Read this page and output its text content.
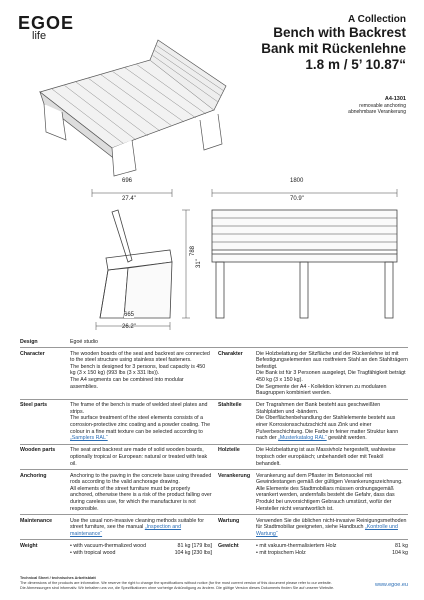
EGOE
life
A Collection
Bench with Backrest
Bank mit Rückenlehne
1.8 m / 5’ 10.87“
A4-1301
removable anchoring
abnehmbare Verankerung
696
27.4"
1800
70.9"
788
31"
665
26.2"
Design	Egoé studio
Character	The wooden boards of the seat and backrest are connected to the steel structure using stainless steel fasteners.
The bench is designed for 3 persons, load capacity is 450 kg (3 x 150 kg) (993 lbs (3 x 331 lbs)).
The A4 segments can be combined into modular assemblies.
Charakter	Die Holzbelattung der Sitzfläche und der Rückenlehne ist mit Befestigungselementen aus rostfreiem Stahl an den Stahlträgern befestigt.
Die Bank ist für 3 Personen ausgelegt, Die Tragfähigkeit beträgt 450 kg (3 x 150 kg).
Die Segmente der A4 - Kollektion können zu modularen Baugruppen kombiniert werden.
Steel parts	The frame of the bench is made of welded steel plates and strips.
The surface treatment of the steel elements consists of a corrosion-protective zinc coating and a powder coating. The colour in a fine matt texture can be selected according to „Samplers RAL“
Stahlteile	Der Tragrahmen der Bank besteht aus geschweißten Stahlplatten und -bändern.
Die Oberflächenbehandlung der Stahlelemente besteht aus einer Korrosionsschutzschicht aus Zink und einer Pulverbeschichtung. Die Farbe in feiner matter Struktur kann nach der „Musterkatalog RAL“ gewählt werden.
Wooden parts	The seat and backrest are made of solid wooden boards, optionally tropical or European: natural or treated with teak oil.
Holzteile	Die Holzbelattung ist aus Massivholz hergestellt, wahlweise tropisch oder europäisch; unbehandelt oder mit Teaköl behandelt.
Anchoring	Anchoring to the paving in the concrete base using threaded rods according to the valid anchorage drawing.
All elements of the street furniture must be properly anchored, otherwise there is a risk of the product falling over during careless use, for which the manufacturer is not responsible.
Verankerung	Verankerung auf dem Pflaster im Betonsockel mit Gewindestangen gemäß der gültigen Verankerungszeichnung.
Alle Elemente des Stadtmobiliars müssen ordnungsgemäß verankert werden, andernfalls besteht die Gefahr, dass das Produkt bei unvorsichtigem Gebrauch umstürzt, wofür der Hersteller nicht verantwortlich ist.
Maintenance	Use the usual non-invasive cleaning methods suitable for street furniture, see the manual „Inspection and maintenance“
Wartung	Verwenden Sie die üblichen nicht-invasive Reinigungsmethoden für Stadtmobiliar geeigneten, siehe Handbuch „Kontrolle und Wartung“
Weight	• with vacuum-thermalized wood	81 kg [179 lbs]
• with tropical wood	104 kg [230 lbs]
Gewicht	• mit vakuum-thermalisiertem Holz	81 kg
• mit tropischem Holz	104 kg
Technical Sheet / technisches Arbeitsblatt
The dimensions of the products are informative. We reserve the right to change the specifications without notice (for the most current version of this document please refer to our website.
Die Abmessungen sind informativ. Wir behalten uns vor, die Spezifikationen ohne vorherige Ankündigung zu ändern. Die gültige Version dieses Dokuments finden Sie auf unserer Website.	www.egoe.eu
